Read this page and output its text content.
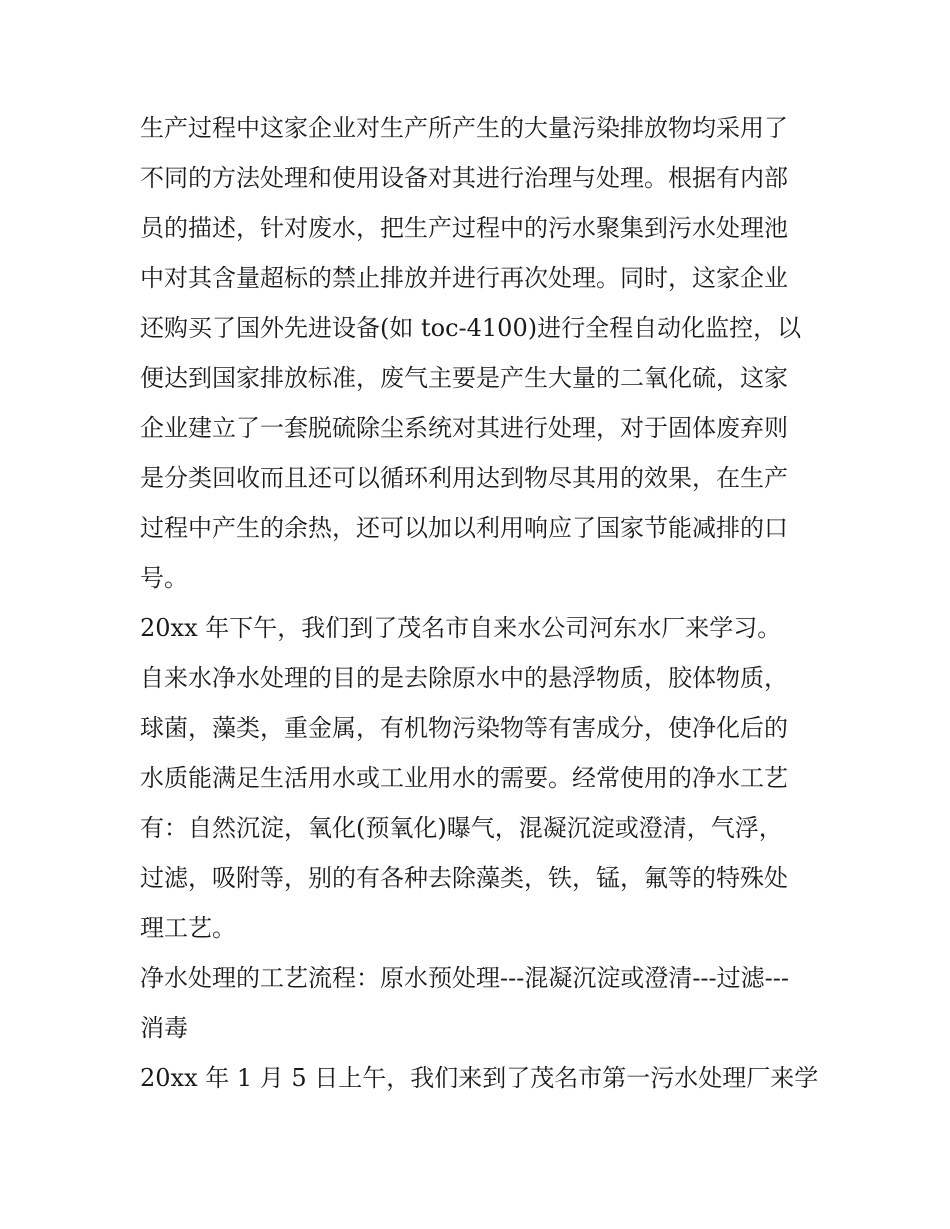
生产过程中这家企业对生产所产生的大量污染排放物均采用了
不同的方法处理和使用设备对其进行治理与处理。根据有内部
员的描述，针对废水，把生产过程中的污水聚集到污水处理池
中对其含量超标的禁止排放并进行再次处理。同时，这家企业
还购买了国外先进设备(如 toc-4100)进行全程自动化监控，以
便达到国家排放标准，废气主要是产生大量的二氧化硫，这家
企业建立了一套脱硫除尘系统对其进行处理，对于固体废弃则
是分类回收而且还可以循环利用达到物尽其用的效果，在生产
过程中产生的余热，还可以加以利用响应了国家节能减排的口
号。
20xx 年下午，我们到了茂名市自来水公司河东水厂来学习。
自来水净水处理的目的是去除原水中的悬浮物质，胶体物质，
球菌，藻类，重金属，有机物污染物等有害成分，使净化后的
水质能满足生活用水或工业用水的需要。经常使用的净水工艺
有：自然沉淀，氧化(预氧化)曝气，混凝沉淀或澄清，气浮，
过滤，吸附等，别的有各种去除藻类，铁，锰，氟等的特殊处
理工艺。
净水处理的工艺流程：原水预处理---混凝沉淀或澄清---过滤---
消毒
20xx 年 1 月 5 日上午，我们来到了茂名市第一污水处理厂来学
